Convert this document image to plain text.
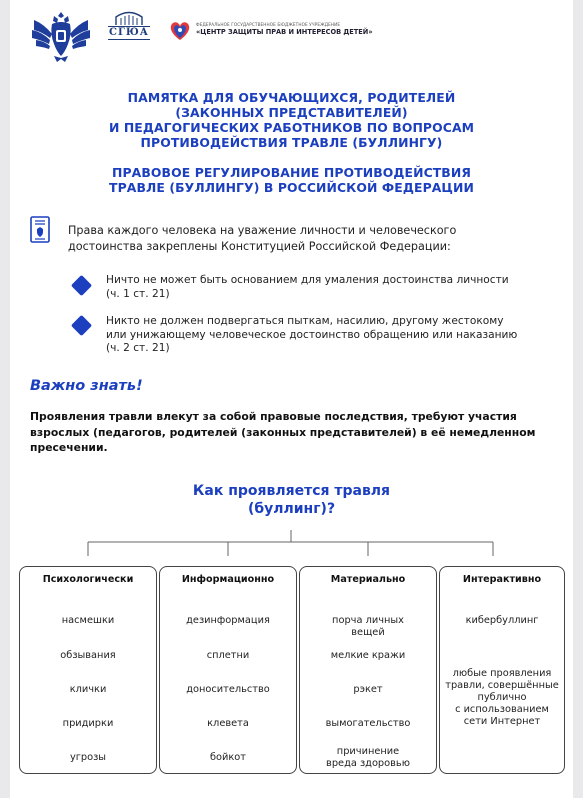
СГЮА
ФЕДЕРАЛЬНОЕ ГОСУДАРСТВЕННОЕ БЮДЖЕТНОЕ УЧРЕЖДЕНИЕ
«ЦЕНТР ЗАЩИТЫ ПРАВ И ИНТЕРЕСОВ ДЕТЕЙ»
ПАМЯТКА ДЛЯ ОБУЧАЮЩИХСЯ, РОДИТЕЛЕЙ
(ЗАКОННЫХ ПРЕДСТАВИТЕЛЕЙ)
И ПЕДАГОГИЧЕСКИХ РАБОТНИКОВ ПО ВОПРОСАМ
ПРОТИВОДЕЙСТВИЯ ТРАВЛЕ (БУЛЛИНГУ)
ПРАВОВОЕ РЕГУЛИРОВАНИЕ ПРОТИВОДЕЙСТВИЯ
ТРАВЛЕ (БУЛЛИНГУ) В РОССИЙСКОЙ ФЕДЕРАЦИИ
Права каждого человека на уважение личности и человеческого
достоинства закреплены Конституцией Российской Федерации:
Ничто не может быть основанием для умаления достоинства личности
(ч. 1 ст. 21)
Никто не должен подвергаться пыткам, насилию, другому жестокому
или унижающему человеческое достоинство обращению или наказанию
(ч. 2 ст. 21)
Важно знать!
Проявления травли влекут за собой правовые последствия, требуют участия
взрослых (педагогов, родителей (законных представителей) в её немедленном
пресечении.
Как проявляется травля
(буллинг)?
Психологически
насмешки
обзывания
клички
придирки
угрозы
Информационно
дезинформация
сплетни
доносительство
клевета
бойкот
Материально
порча личных
вещей
мелкие кражи
рэкет
вымогательство
причинение
вреда здоровью
Интерактивно
кибербуллинг
любые проявления
травли, совершённые
публично
с использованием
сети Интернет
